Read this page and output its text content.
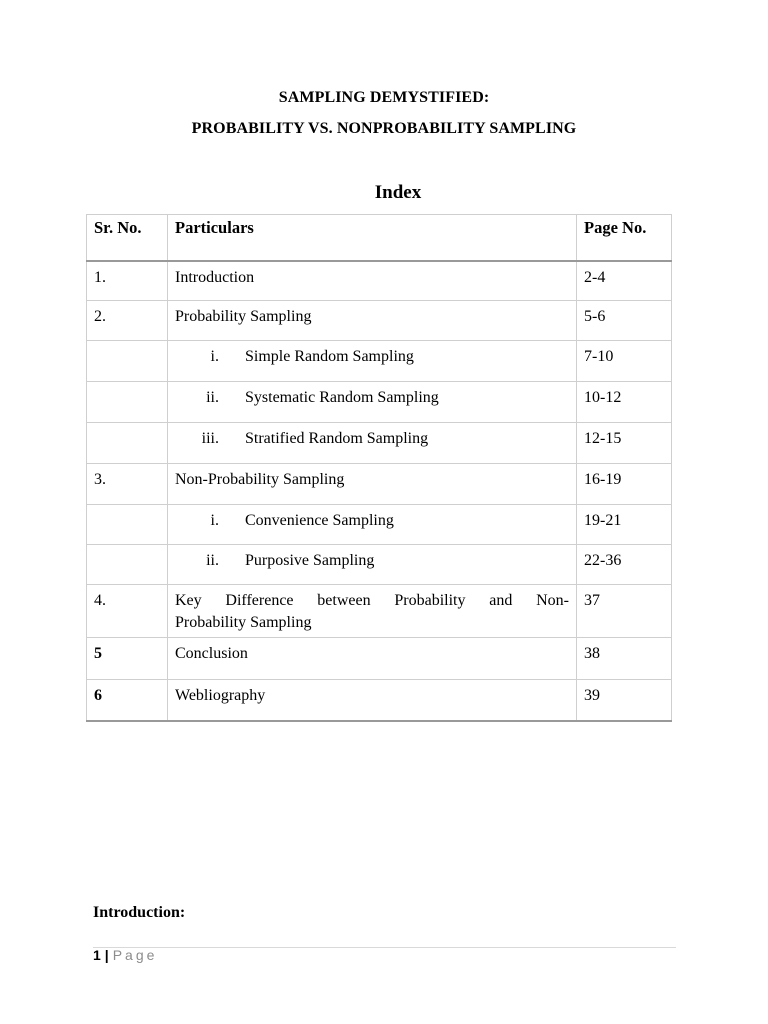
SAMPLING DEMYSTIFIED:
PROBABILITY VS. NONPROBABILITY SAMPLING
Index
Sr. No.	Particulars	Page No.
1.	Introduction	2-4
2.	Probability Sampling	5-6

	i. Simple Random Sampling	7-10

	ii. Systematic Random Sampling	10-12

	iii. Stratified Random Sampling	12-15
3.	Non-Probability Sampling	16-19

	i. Convenience Sampling	19-21

	ii. Purposive Sampling	22-36
4.	Key Difference between Probability and Non-
Probability Sampling	37
5	Conclusion	38
6	Webliography	39
Introduction:
1 | Page
